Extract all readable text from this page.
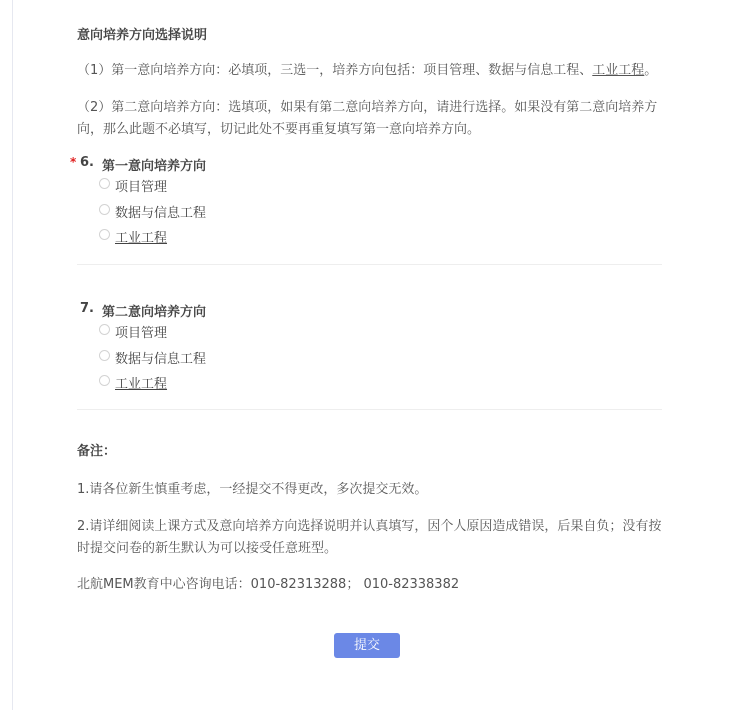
意向培养方向选择说明
（1）第一意向培养方向：必填项，三选一，培养方向包括：项目管理、数据与信息工程、工业工程。
（2）第二意向培养方向：选填项，如果有第二意向培养方向，请进行选择。如果没有第二意向培养方向，那么此题不必填写，切记此处不要再重复填写第一意向培养方向。
* 6. 第一意向培养方向
项目管理
数据与信息工程
工业工程
7. 第二意向培养方向
项目管理
数据与信息工程
工业工程
备注：
1.请各位新生慎重考虑，一经提交不得更改，多次提交无效。
2.请详细阅读上课方式及意向培养方向选择说明并认真填写，因个人原因造成错误，后果自负；没有按时提交问卷的新生默认为可以接受任意班型。
北航MEM教育中心咨询电话：010-82313288； 010-82338382
提交
